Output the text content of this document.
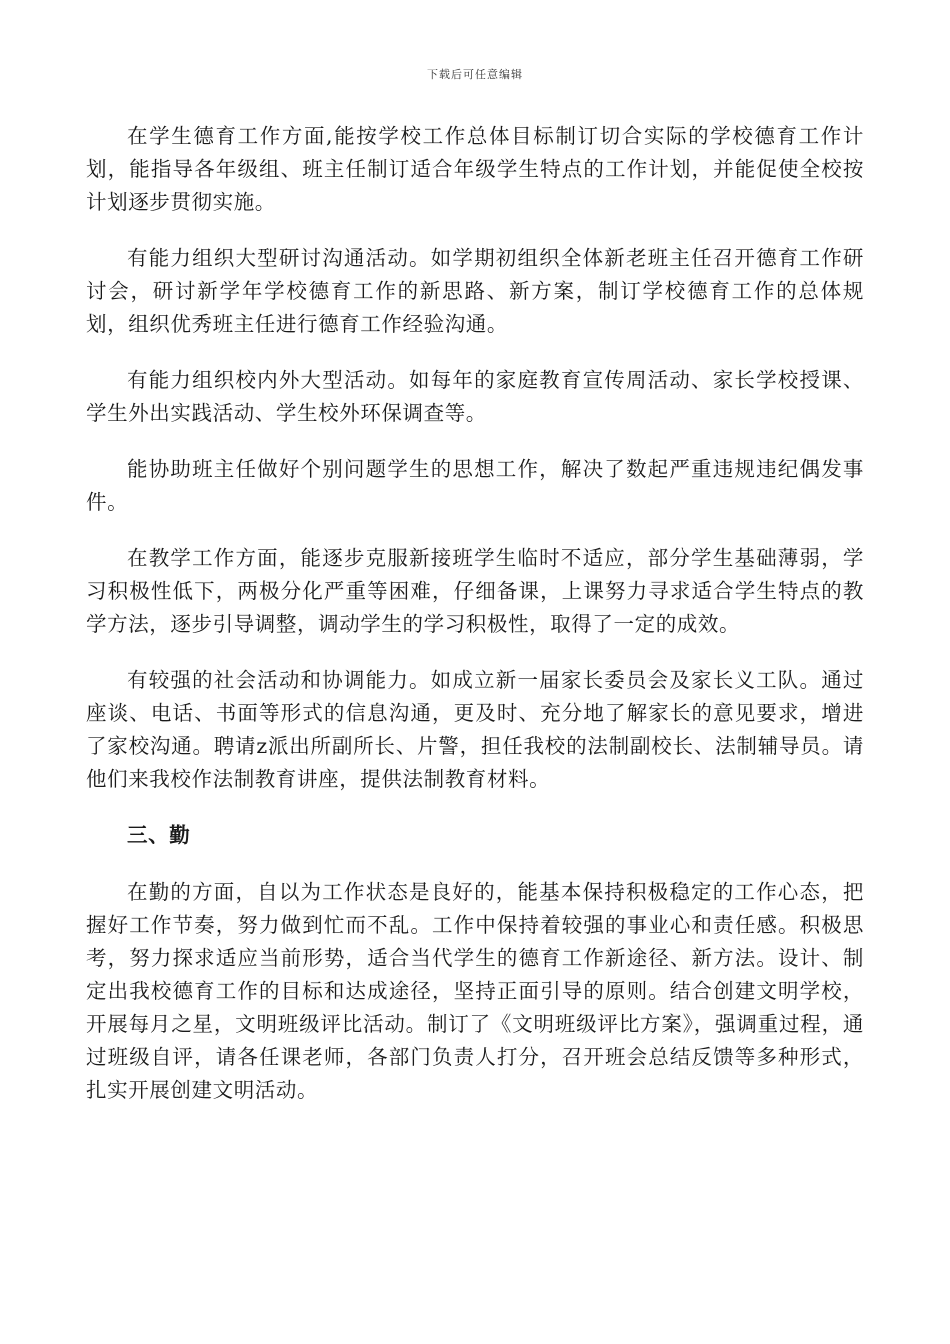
下载后可任意编辑

在学生德育工作方面,能按学校工作总体目标制订切合实际的学校德育工作计划，能指导各年级组、班主任制订适合年级学生特点的工作计划，并能促使全校按计划逐步贯彻实施。

有能力组织大型研讨沟通活动。如学期初组织全体新老班主任召开德育工作研讨会，研讨新学年学校德育工作的新思路、新方案，制订学校德育工作的总体规划，组织优秀班主任进行德育工作经验沟通。

有能力组织校内外大型活动。如每年的家庭教育宣传周活动、家长学校授课、学生外出实践活动、学生校外环保调查等。

能协助班主任做好个别问题学生的思想工作，解决了数起严重违规违纪偶发事件。

在教学工作方面，能逐步克服新接班学生临时不适应，部分学生基础薄弱，学习积极性低下，两极分化严重等困难，仔细备课，上课努力寻求适合学生特点的教学方法，逐步引导调整，调动学生的学习积极性，取得了一定的成效。

有较强的社会活动和协调能力。如成立新一届家长委员会及家长义工队。通过座谈、电话、书面等形式的信息沟通，更及时、充分地了解家长的意见要求，增进了家校沟通。聘请z派出所副所长、片警，担任我校的法制副校长、法制辅导员。请他们来我校作法制教育讲座，提供法制教育材料。

三、勤

在勤的方面，自以为工作状态是良好的，能基本保持积极稳定的工作心态，把握好工作节奏，努力做到忙而不乱。工作中保持着较强的事业心和责任感。积极思考，努力探求适应当前形势，适合当代学生的德育工作新途径、新方法。设计、制定出我校德育工作的目标和达成途径，坚持正面引导的原则。结合创建文明学校，开展每月之星，文明班级评比活动。制订了《文明班级评比方案》，强调重过程，通过班级自评，请各任课老师，各部门负责人打分，召开班会总结反馈等多种形式，扎实开展创建文明活动。
